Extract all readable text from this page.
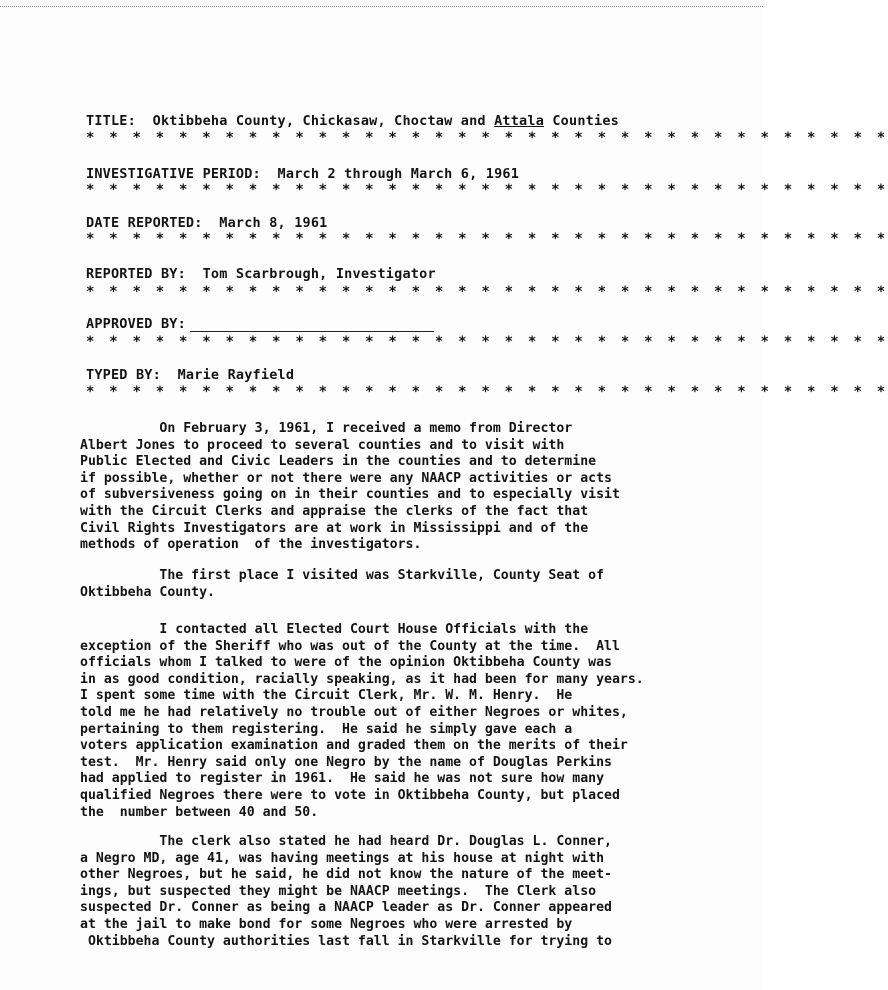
TITLE: Oktibbeha County, Chickasaw, Choctaw and Attala Counties
* * * * * * * * * * * * * * * * * * * * * * * * * * * * * * * * * * *
INVESTIGATIVE PERIOD: March 2 through March 6, 1961
* * * * * * * * * * * * * * * * * * * * * * * * * * * * * * * * * * *
DATE REPORTED: March 8, 1961
* * * * * * * * * * * * * * * * * * * * * * * * * * * * * * * * * * *
REPORTED BY: Tom Scarbrough, Investigator
* * * * * * * * * * * * * * * * * * * * * * * * * * * * * * * * * * *
APPROVED BY:
* * * * * * * * * * * * * * * * * * * * * * * * * * * * * * * * * * *
TYPED BY: Marie Rayfield
* * * * * * * * * * * * * * * * * * * * * * * * * * * * * * * * * * *
On February 3, 1961, I received a memo from Director
Albert Jones to proceed to several counties and to visit with
Public Elected and Civic Leaders in the counties and to determine
if possible, whether or not there were any NAACP activities or acts
of subversiveness going on in their counties and to especially visit
with the Circuit Clerks and appraise the clerks of the fact that
Civil Rights Investigators are at work in Mississippi and of the
methods of operation  of the investigators.
The first place I visited was Starkville, County Seat of
Oktibbeha County.
I contacted all Elected Court House Officials with the
exception of the Sheriff who was out of the County at the time.  All
officials whom I talked to were of the opinion Oktibbeha County was
in as good condition, racially speaking, as it had been for many years.
I spent some time with the Circuit Clerk, Mr. W. M. Henry.  He
told me he had relatively no trouble out of either Negroes or whites,
pertaining to them registering.  He said he simply gave each a
voters application examination and graded them on the merits of their
test.  Mr. Henry said only one Negro by the name of Douglas Perkins
had applied to register in 1961.  He said he was not sure how many
qualified Negroes there were to vote in Oktibbeha County, but placed
the  number between 40 and 50.
The clerk also stated he had heard Dr. Douglas L. Conner,
a Negro MD, age 41, was having meetings at his house at night with
other Negroes, but he said, he did not know the nature of the meet-
ings, but suspected they might be NAACP meetings.  The Clerk also
suspected Dr. Conner as being a NAACP leader as Dr. Conner appeared
at the jail to make bond for some Negroes who were arrested by
Oktibbeha County authorities last fall in Starkville for trying to
